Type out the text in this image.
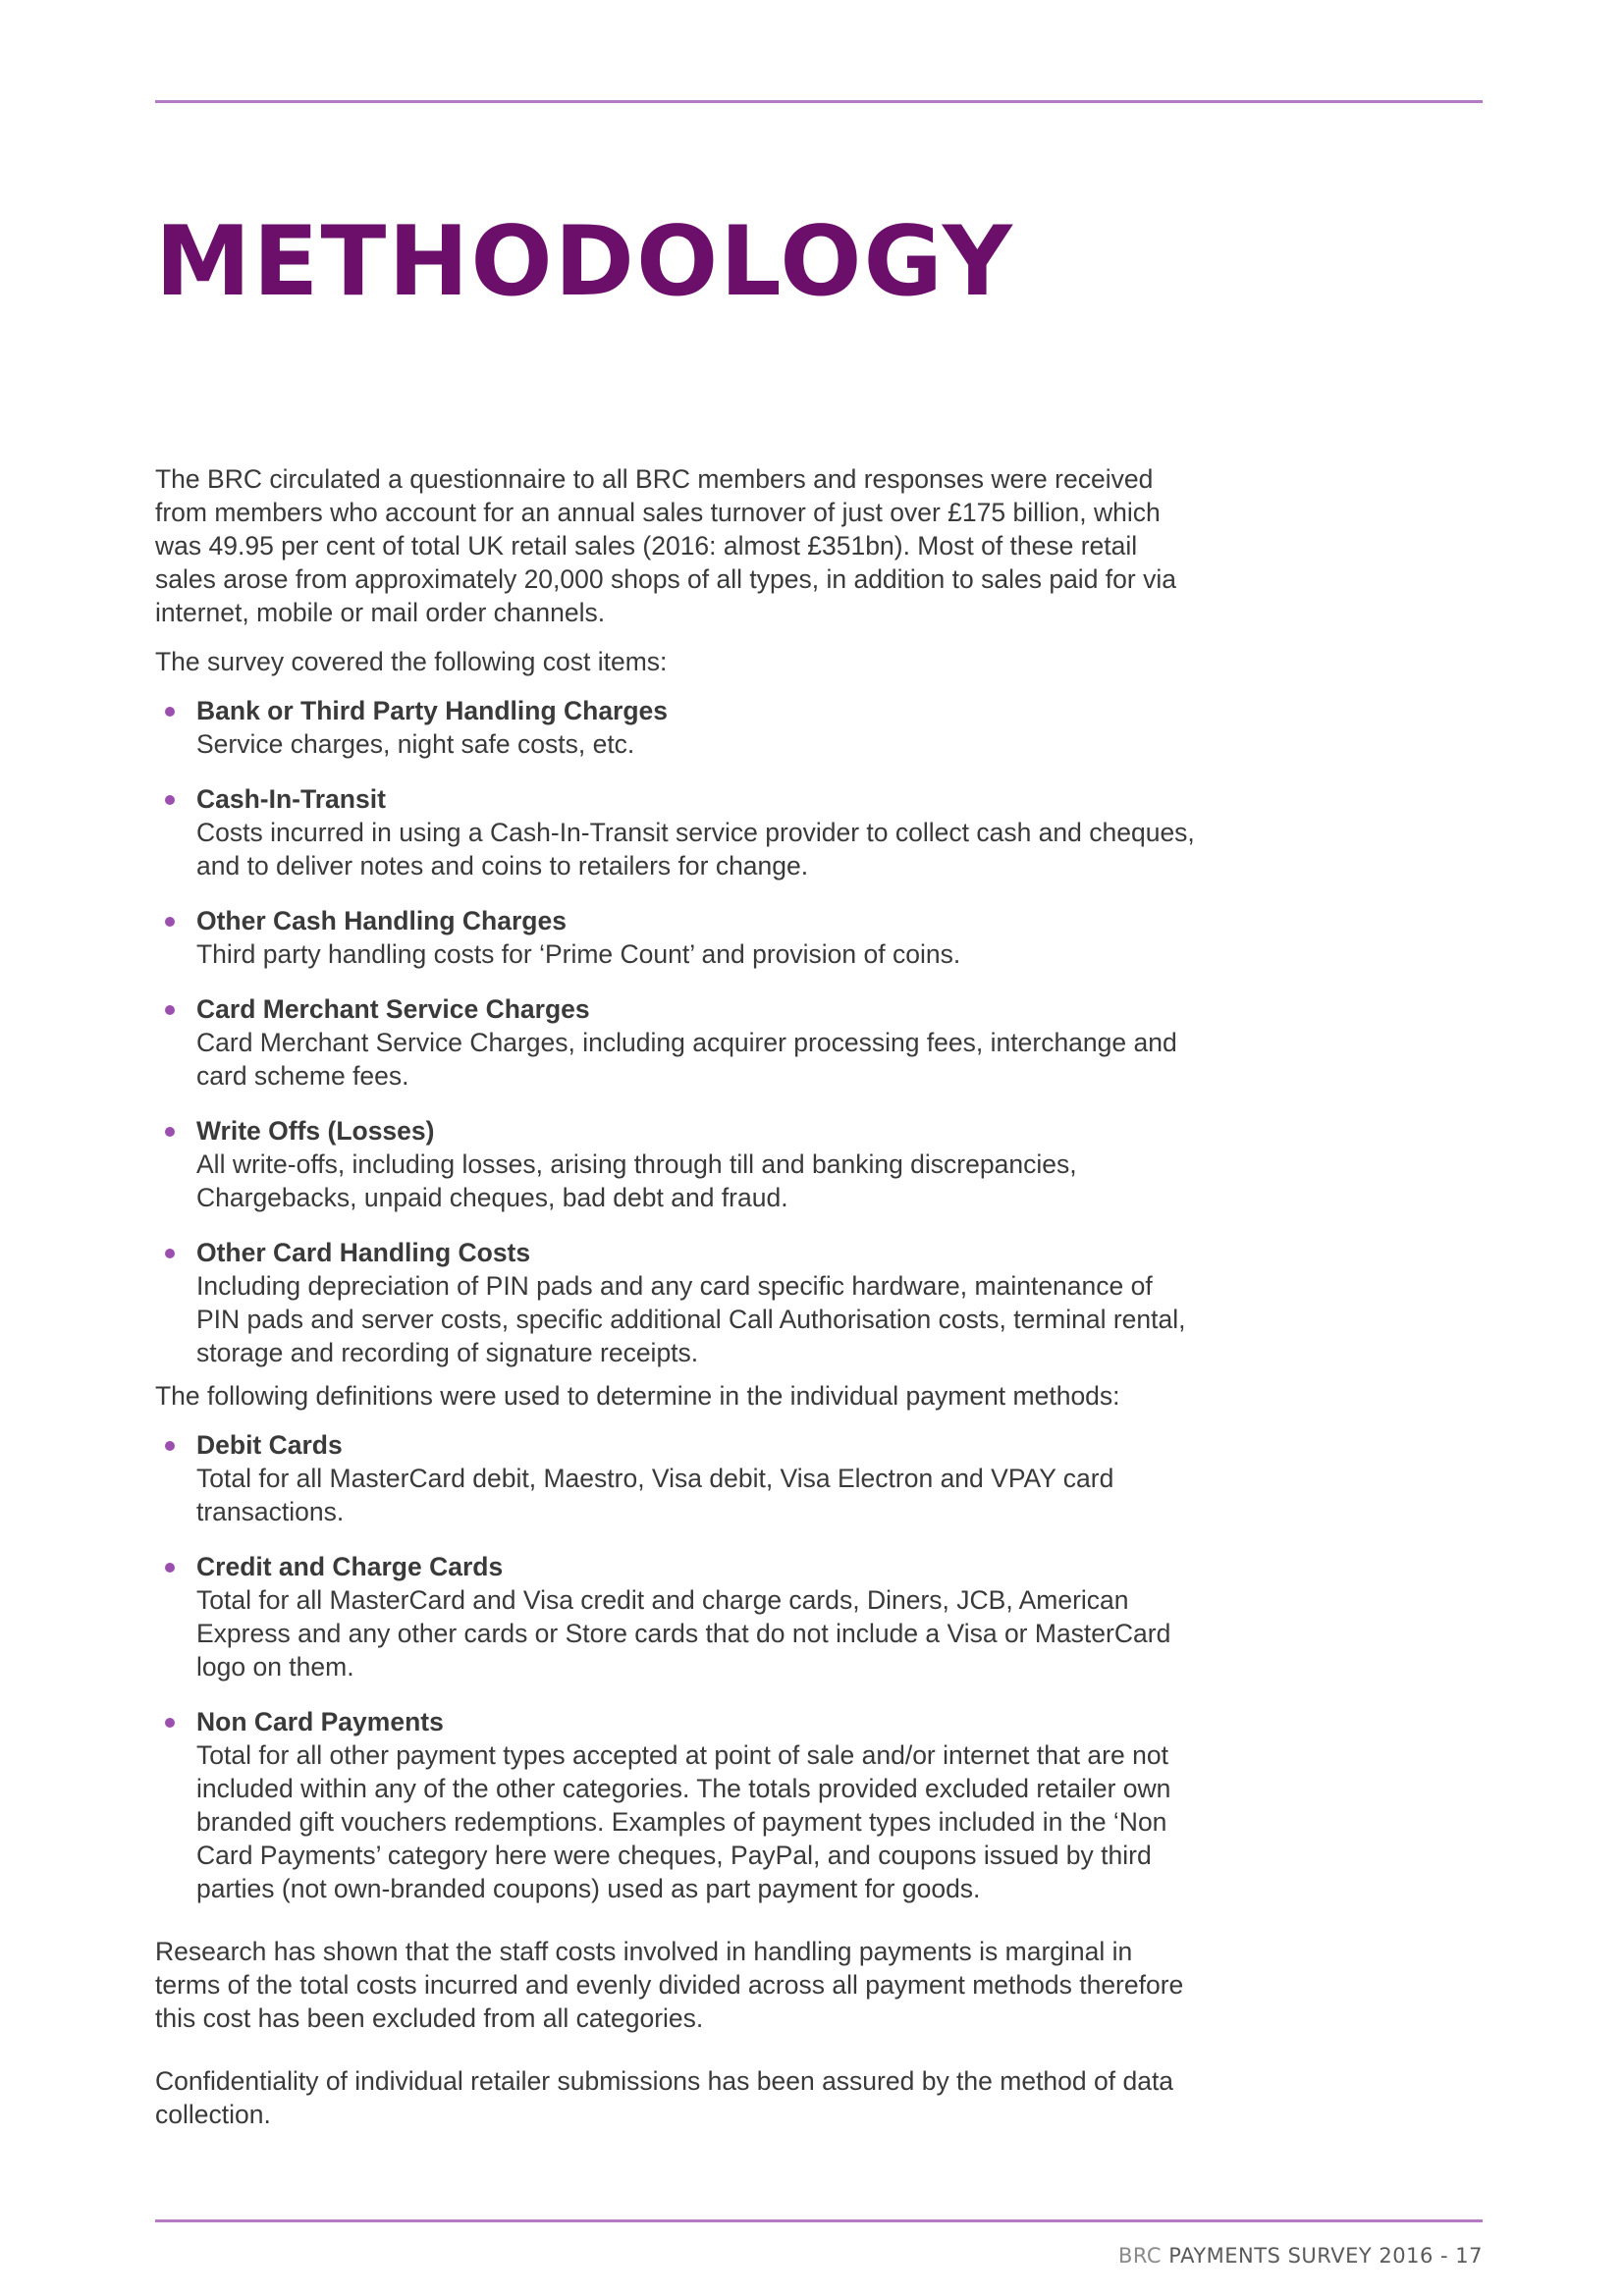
METHODOLOGY

The BRC circulated a questionnaire to all BRC members and responses were received from members who account for an annual sales turnover of just over £175 billion, which was 49.95 per cent of total UK retail sales (2016: almost £351bn). Most of these retail sales arose from approximately 20,000 shops of all types, in addition to sales paid for via internet, mobile or mail order channels.

The survey covered the following cost items:

Bank or Third Party Handling Charges
Service charges, night safe costs, etc.
Cash-In-Transit
Costs incurred in using a Cash-In-Transit service provider to collect cash and cheques, and to deliver notes and coins to retailers for change.
Other Cash Handling Charges
Third party handling costs for ‘Prime Count’ and provision of coins.
Card Merchant Service Charges
Card Merchant Service Charges, including acquirer processing fees, interchange and card scheme fees.
Write Offs (Losses)
All write-offs, including losses, arising through till and banking discrepancies, Chargebacks, unpaid cheques, bad debt and fraud.
Other Card Handling Costs
Including depreciation of PIN pads and any card specific hardware, maintenance of PIN pads and server costs, specific additional Call Authorisation costs, terminal rental, storage and recording of signature receipts.

The following definitions were used to determine in the individual payment methods:

Debit Cards
Total for all MasterCard debit, Maestro, Visa debit, Visa Electron and VPAY card transactions.
Credit and Charge Cards
Total for all MasterCard and Visa credit and charge cards, Diners, JCB, American Express and any other cards or Store cards that do not include a Visa or MasterCard logo on them.
Non Card Payments
Total for all other payment types accepted at point of sale and/or internet that are not included within any of the other categories. The totals provided excluded retailer own branded gift vouchers redemptions. Examples of payment types included in the ‘Non Card Payments’ category here were cheques, PayPal, and coupons issued by third parties (not own-branded coupons) used as part payment for goods.

Research has shown that the staff costs involved in handling payments is marginal in terms of the total costs incurred and evenly divided across all payment methods therefore this cost has been excluded from all categories.

Confidentiality of individual retailer submissions has been assured by the method of data collection.

BRC PAYMENTS SURVEY 2016 - 17
